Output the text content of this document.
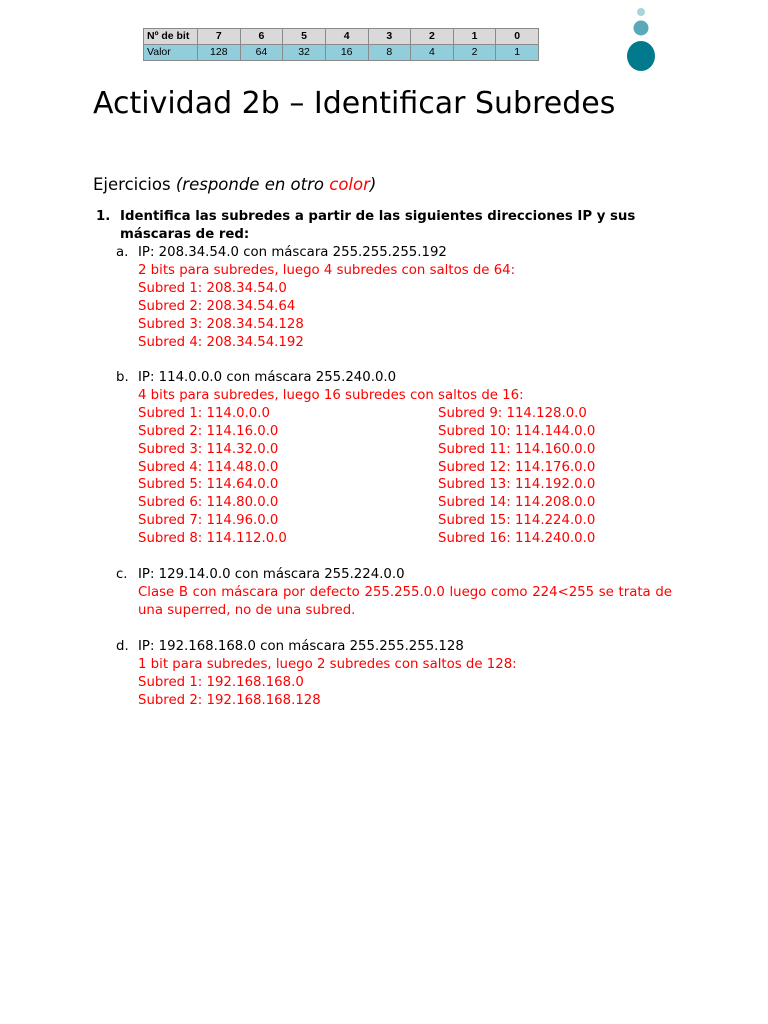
Nº de bit	7	6	5	4	3	2	1	0
Valor	128	64	32	16	8	4	2	1
Actividad 2b – Identificar Subredes

Ejercicios (responde en otro color)

1. Identifica las subredes a partir de las siguientes direcciones IP y sus máscaras de red:
a. IP: 208.34.54.0 con máscara 255.255.255.192
2 bits para subredes, luego 4 subredes con saltos de 64:
Subred 1: 208.34.54.0
Subred 2: 208.34.54.64
Subred 3: 208.34.54.128
Subred 4: 208.34.54.192
b. IP: 114.0.0.0 con máscara 255.240.0.0
4 bits para subredes, luego 16 subredes con saltos de 16:
Subred 1: 114.0.0.0
Subred 2: 114.16.0.0
Subred 3: 114.32.0.0
Subred 4: 114.48.0.0
Subred 5: 114.64.0.0
Subred 6: 114.80.0.0
Subred 7: 114.96.0.0
Subred 8: 114.112.0.0
Subred 9: 114.128.0.0
Subred 10: 114.144.0.0
Subred 11: 114.160.0.0
Subred 12: 114.176.0.0
Subred 13: 114.192.0.0
Subred 14: 114.208.0.0
Subred 15: 114.224.0.0
Subred 16: 114.240.0.0
c. IP: 129.14.0.0 con máscara 255.224.0.0
Clase B con máscara por defecto 255.255.0.0 luego como 224<255 se trata de una superred, no de una subred.
d. IP: 192.168.168.0 con máscara 255.255.255.128
1 bit para subredes, luego 2 subredes con saltos de 128:
Subred 1: 192.168.168.0
Subred 2: 192.168.168.128
